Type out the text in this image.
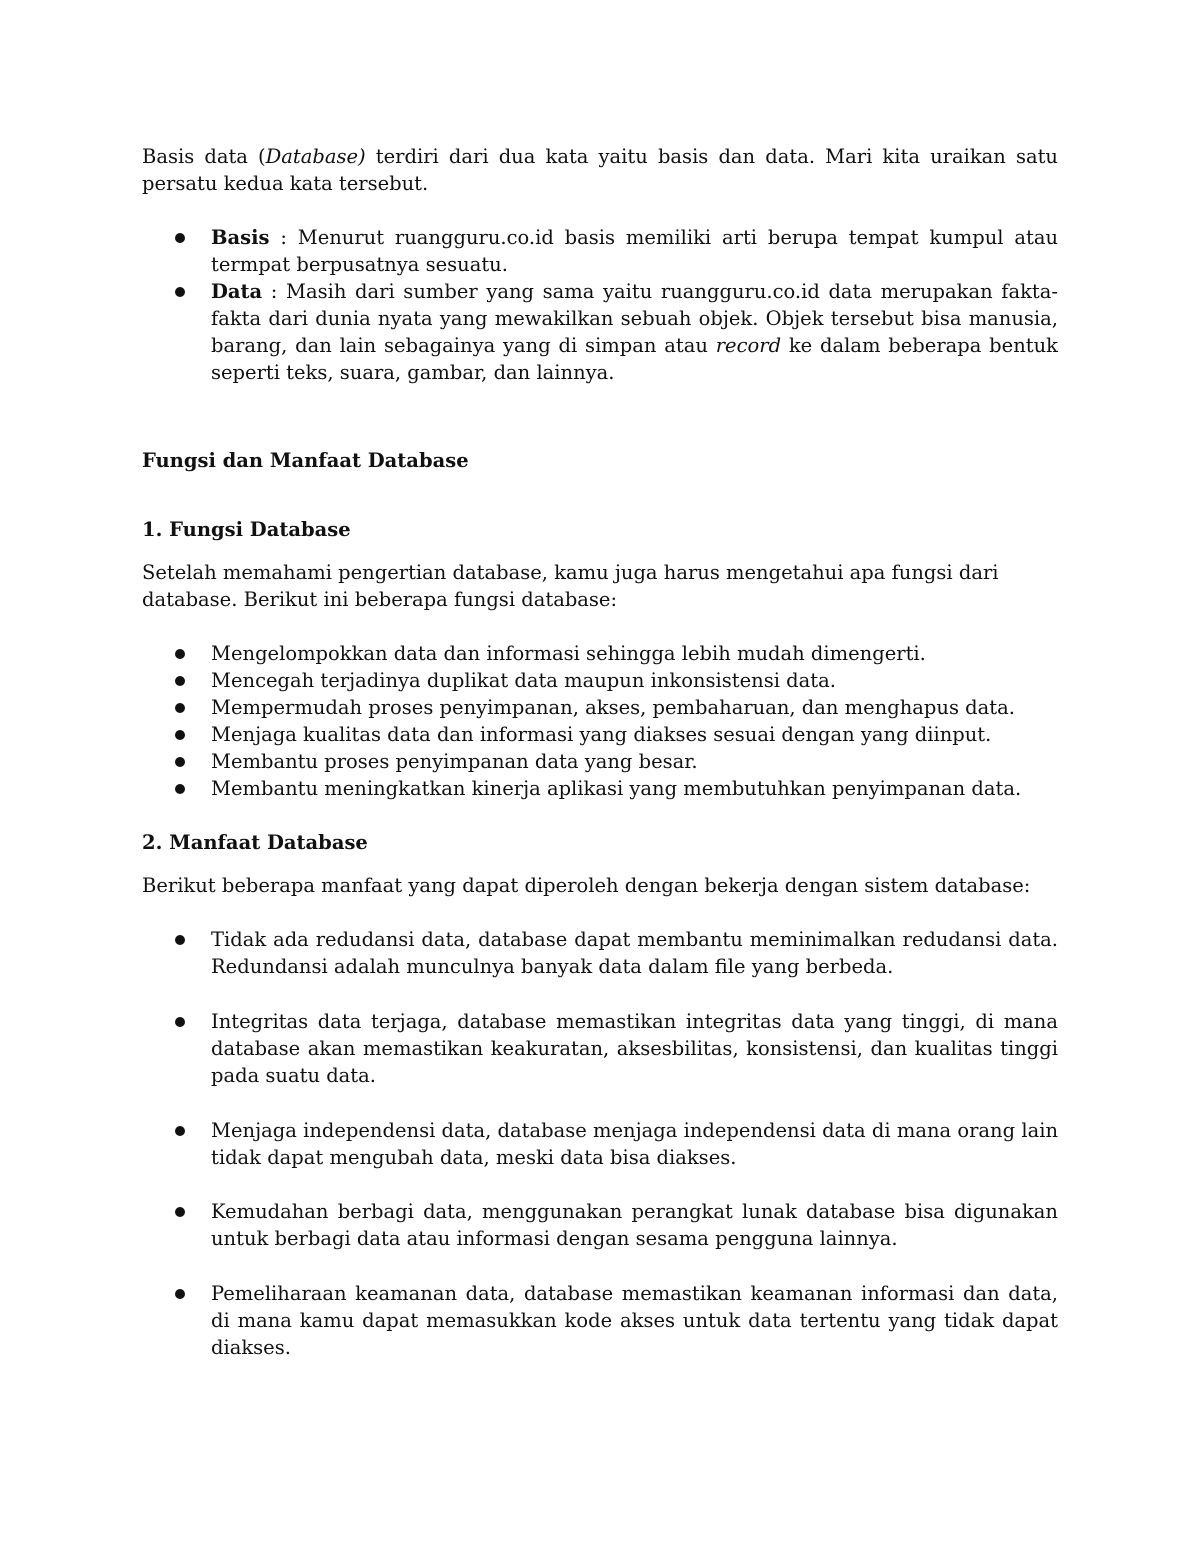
Basis data (Database) terdiri dari dua kata yaitu basis dan data. Mari kita uraikan satu persatu kedua kata tersebut.

Basis : Menurut ruangguru.co.id basis memiliki arti berupa tempat kumpul atau termpat berpusatnya sesuatu.
Data : Masih dari sumber yang sama yaitu ruangguru.co.id data merupakan fakta-fakta dari dunia nyata yang mewakilkan sebuah objek. Objek tersebut bisa manusia, barang, dan lain sebagainya yang di simpan atau record ke dalam beberapa bentuk seperti teks, suara, gambar, dan lainnya.
Fungsi dan Manfaat Database
1. Fungsi Database

Setelah memahami pengertian database, kamu juga harus mengetahui apa fungsi dari database. Berikut ini beberapa fungsi database:

Mengelompokkan data dan informasi sehingga lebih mudah dimengerti.
Mencegah terjadinya duplikat data maupun inkonsistensi data.
Mempermudah proses penyimpanan, akses, pembaharuan, dan menghapus data.
Menjaga kualitas data dan informasi yang diakses sesuai dengan yang diinput.
Membantu proses penyimpanan data yang besar.
Membantu meningkatkan kinerja aplikasi yang membutuhkan penyimpanan data.
2. Manfaat Database

Berikut beberapa manfaat yang dapat diperoleh dengan bekerja dengan sistem database:

Tidak ada redudansi data, database dapat membantu meminimalkan redudansi data. Redundansi adalah munculnya banyak data dalam file yang berbeda.
Integritas data terjaga, database memastikan integritas data yang tinggi, di mana database akan memastikan keakuratan, aksesbilitas, konsistensi, dan kualitas tinggi pada suatu data.
Menjaga independensi data, database menjaga independensi data di mana orang lain tidak dapat mengubah data, meski data bisa diakses.
Kemudahan berbagi data, menggunakan perangkat lunak database bisa digunakan untuk berbagi data atau informasi dengan sesama pengguna lainnya.
Pemeliharaan keamanan data, database memastikan keamanan informasi dan data, di mana kamu dapat memasukkan kode akses untuk data tertentu yang tidak dapat diakses.
